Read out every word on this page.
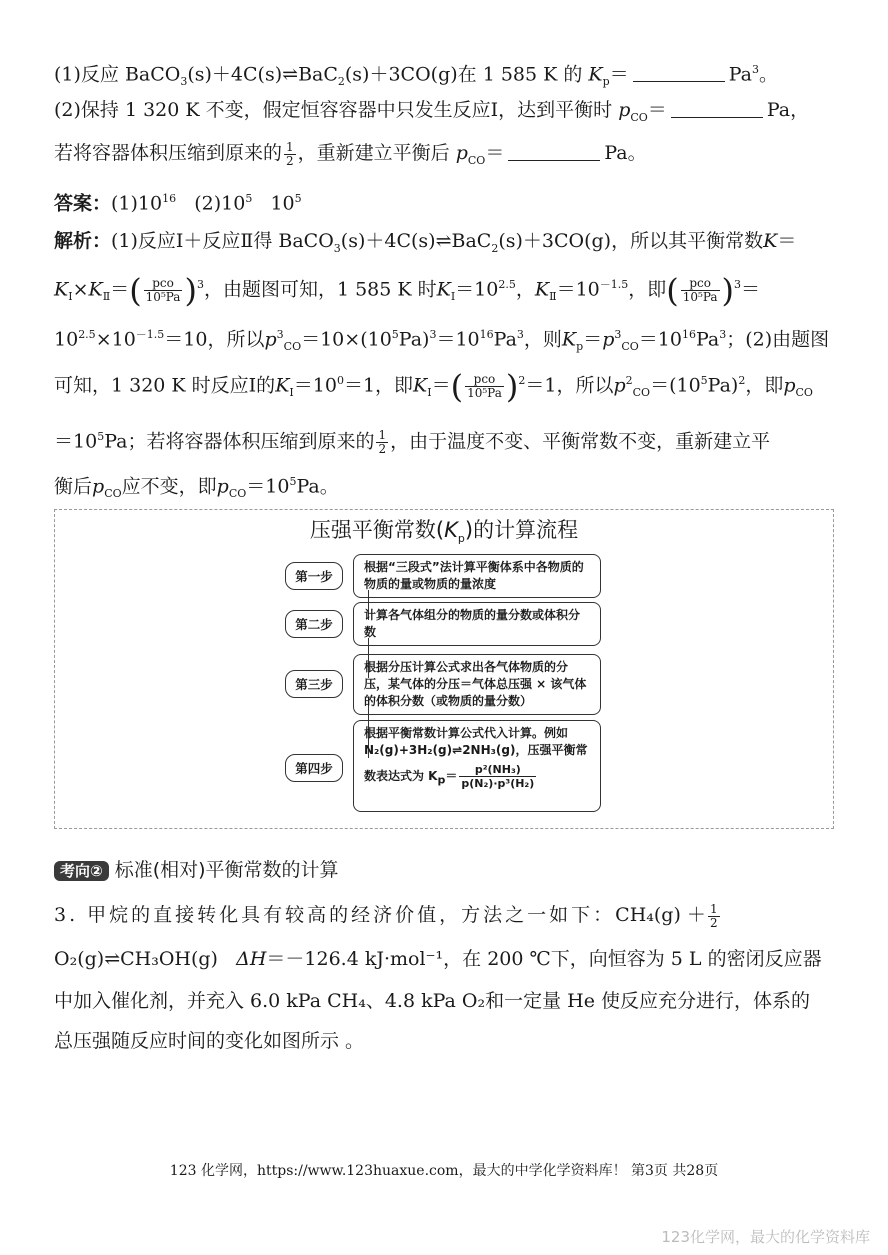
(1)反应 BaCO$_3$(s)＋4C(s)⇌BaC$_2$(s)＋3CO(g)在 1 585 K 的 $K_p=$	$Pa^3$。
(2)保持 1 320 K 不变，假定恒容容器中只发生反应Ⅰ，达到平衡时 $p_{CO}=$	Pa，
若将容器体积压缩到原来的 $\frac{1}{2}$ ，重新建立平衡后 $p_{CO}=$	Pa。
答案：$(1)10^{16}$ $(2)10^5$ $10^5$
解析：(1)反应Ⅰ＋反应Ⅱ得 BaCO$_3$(s)＋4C(s)⇌BaC$_2$(s)＋3CO(g)，所以其平衡常数K＝
$K_Ⅰ\times K_Ⅱ=( \frac{\text{pco}}{\text{10⁵Pa}} )^3$，由题图可知，1 585 K 时$K_Ⅰ=10^{2.5}$，$K_Ⅱ=10^{-1.5}$，即( $\frac{\text{pco}}{\text{10⁵Pa}} )^3=$
$10^{2.5}\times 10^{-1.5}=10$，所以$p^3_{CO}=10\times(10^5Pa)^3=10^{16}Pa^3$，则$K_p=p^3_{CO}=10^{16}Pa^3$；(2)由题图
可知，1 320 K 时反应Ⅰ的$K_Ⅰ=10^0=1$，即$K_Ⅰ=( \frac{\text{pco}}{\text{10⁵Pa}} )^2=1$，所以$p^2_{CO}=(10^5Pa)^2$，即$p_{CO}$
$=10^5Pa$；若将容器体积压缩到原来的 $\frac{1}{2}$ ，由于温度不变、平衡常数不变，重新建立平
衡后$p_{CO}$应不变，即$p_{CO}=10^5Pa$。
压强平衡常数$(K_p)$的计算流程
第一步
根据“三段式”法计算平衡体系中各物质的物质的量或物质的量浓度
第二步
计算各气体组分的物质的量分数或体积分数
第三步
根据分压计算公式求出各气体物质的分压，某气体的分压＝气体总压强 × 该气体的体积分数（或物质的量分数）
第四步
根据平衡常数计算公式代入计算。例如
N₂(g)+3H₂(g)⇌2NH₃(g)，压强平衡常
数表达式为 $K_p= \frac{\text{p²(NH₃)}}{\text{p(N₂)·p³(H₂)}}$
考向② 标准(相对)平衡常数的计算
3. 甲烷的直接转化具有较高的经济价值，方法之一如下：$CH_4(g) + \frac{1}{2}$
O₂(g)⇌CH₃OH(g) ΔH＝－126.4 kJ·mol⁻¹，在 200 ℃下，向恒容为 5 L 的密闭反应器
中加入催化剂，并充入 6.0 kPa CH₄、4.8 kPa O₂和一定量 He 使反应充分进行，体系的
总压强随反应时间的变化如图所示 。
123 化学网，https://www.123huaxue.com，最大的中学化学资料库！ 第3页 共28页
123化学网，最大的化学资料库
